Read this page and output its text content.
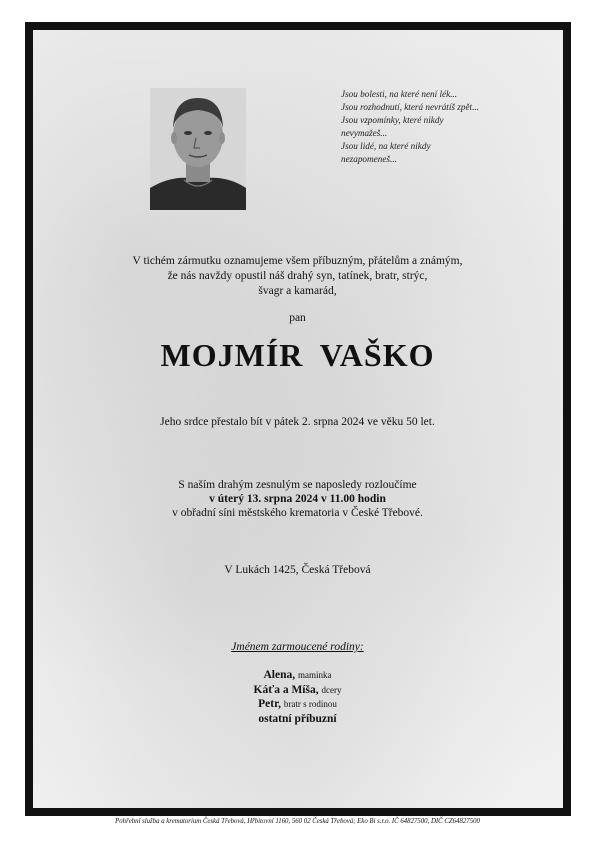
Jsou bolesti, na které není lék...
Jsou rozhodnutí, která nevrátíš zpět...
Jsou vzpomínky, které nikdy
nevymažeš...
Jsou lidé, na které nikdy
nezapomeneš...
V tichém zármutku oznamujeme všem příbuzným, přátelům a známým,
že nás navždy opustil náš drahý syn, tatínek, bratr, strýc,
švagr a kamarád,
pan
MOJMÍR VAŠKO
Jeho srdce přestalo bít v pátek 2. srpna 2024 ve věku 50 let.
S naším drahým zesnulým se naposledy rozloučíme
v úterý 13. srpna 2024 v 11.00 hodin
v obřadní síni městského krematoria v České Třebové.
V Lukách 1425, Česká Třebová
Jménem zarmoucené rodiny:
Alena, maminka
Káťa a Míša, dcery
Petr, bratr s rodinou
ostatní příbuzní
Pohřební služba a krematorium Česká Třebová, Hřbitovní 1160, 560 02 Česká Třebová; Eko Bi s.r.o. IČ 64827500, DIČ CZ64827500
